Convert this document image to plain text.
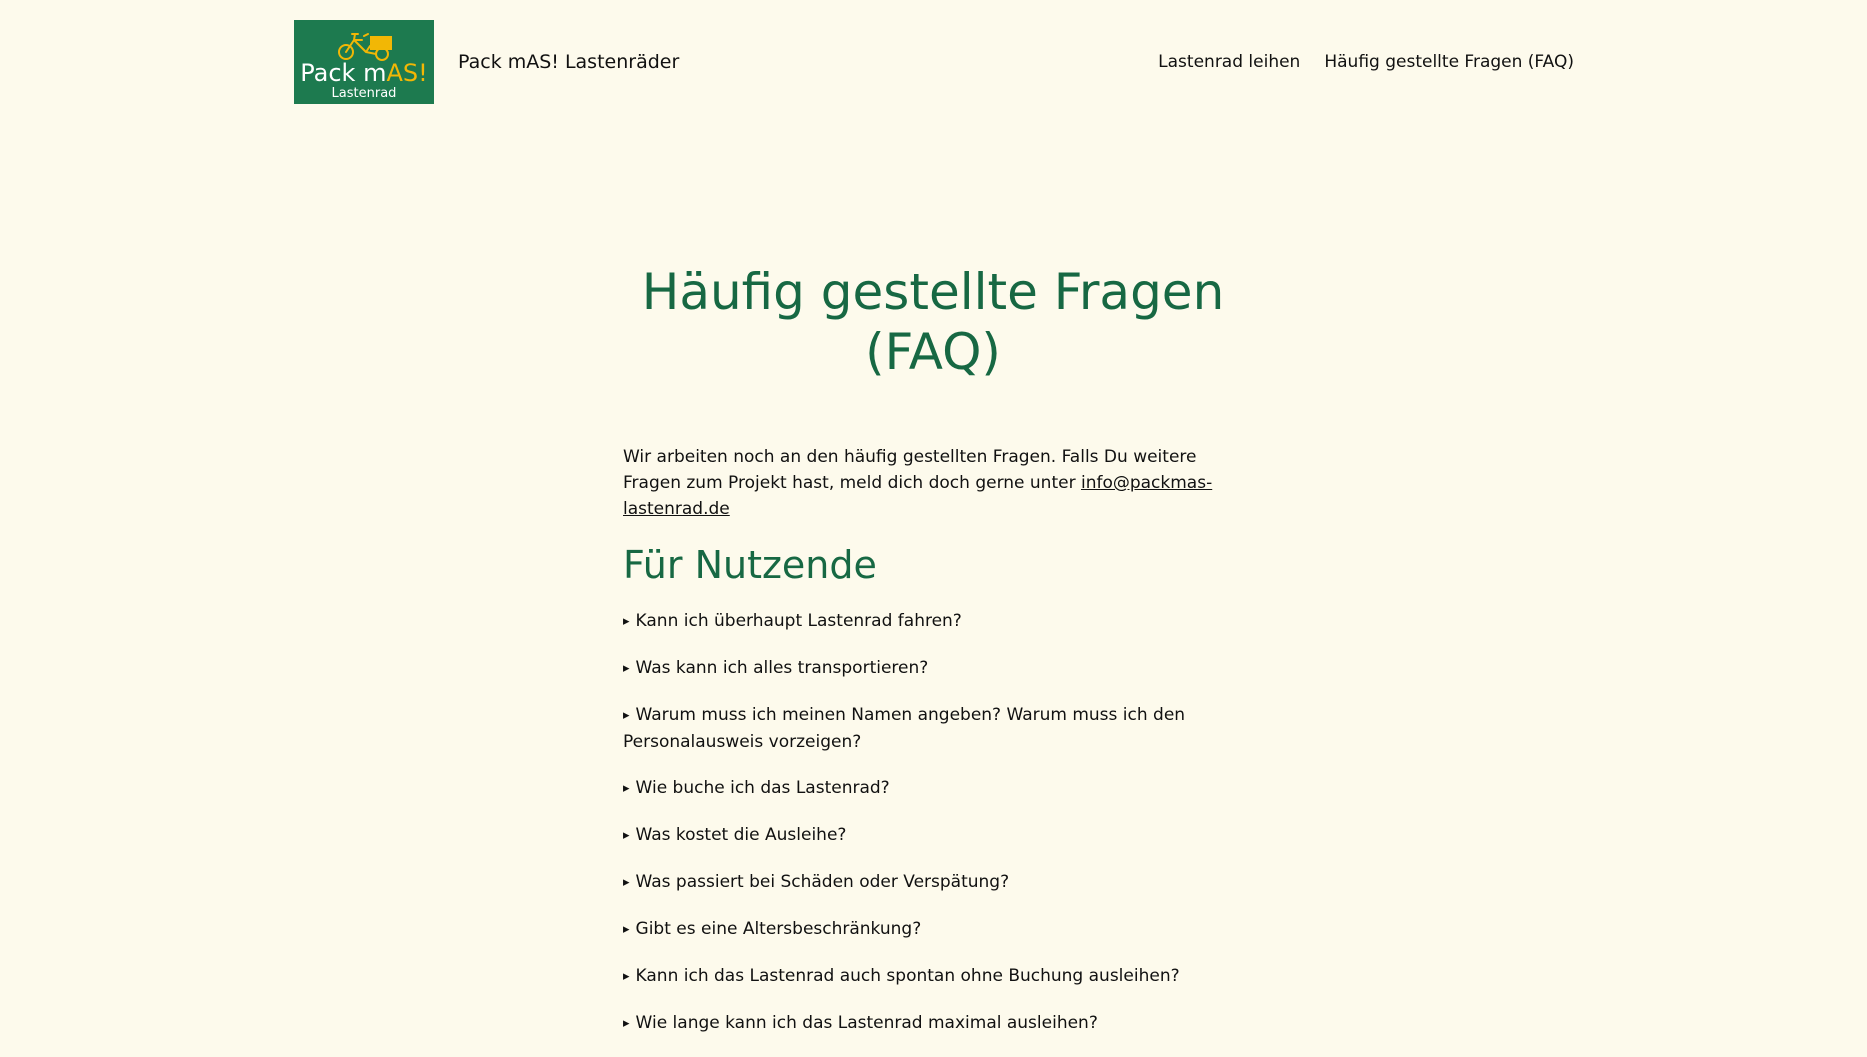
Pack mAS!
Lastenrad
Pack mAS! Lastenräder	Lastenrad leihen Häufig gestellte Fragen (FAQ)
Häufig gestellte Fragen (FAQ)

Wir arbeiten noch an den häufig gestellten Fragen. Falls Du weitere Fragen zum Projekt hast, meld dich doch gerne unter info@packmas-lastenrad.de

Für Nutzende
▸ Kann ich überhaupt Lastenrad fahren?
▸ Was kann ich alles transportieren?
▸ Warum muss ich meinen Namen angeben? Warum muss ich den Personalausweis vorzeigen?
▸ Wie buche ich das Lastenrad?
▸ Was kostet die Ausleihe?
▸ Was passiert bei Schäden oder Verspätung?
▸ Gibt es eine Altersbeschränkung?
▸ Kann ich das Lastenrad auch spontan ohne Buchung ausleihen?
▸ Wie lange kann ich das Lastenrad maximal ausleihen?
